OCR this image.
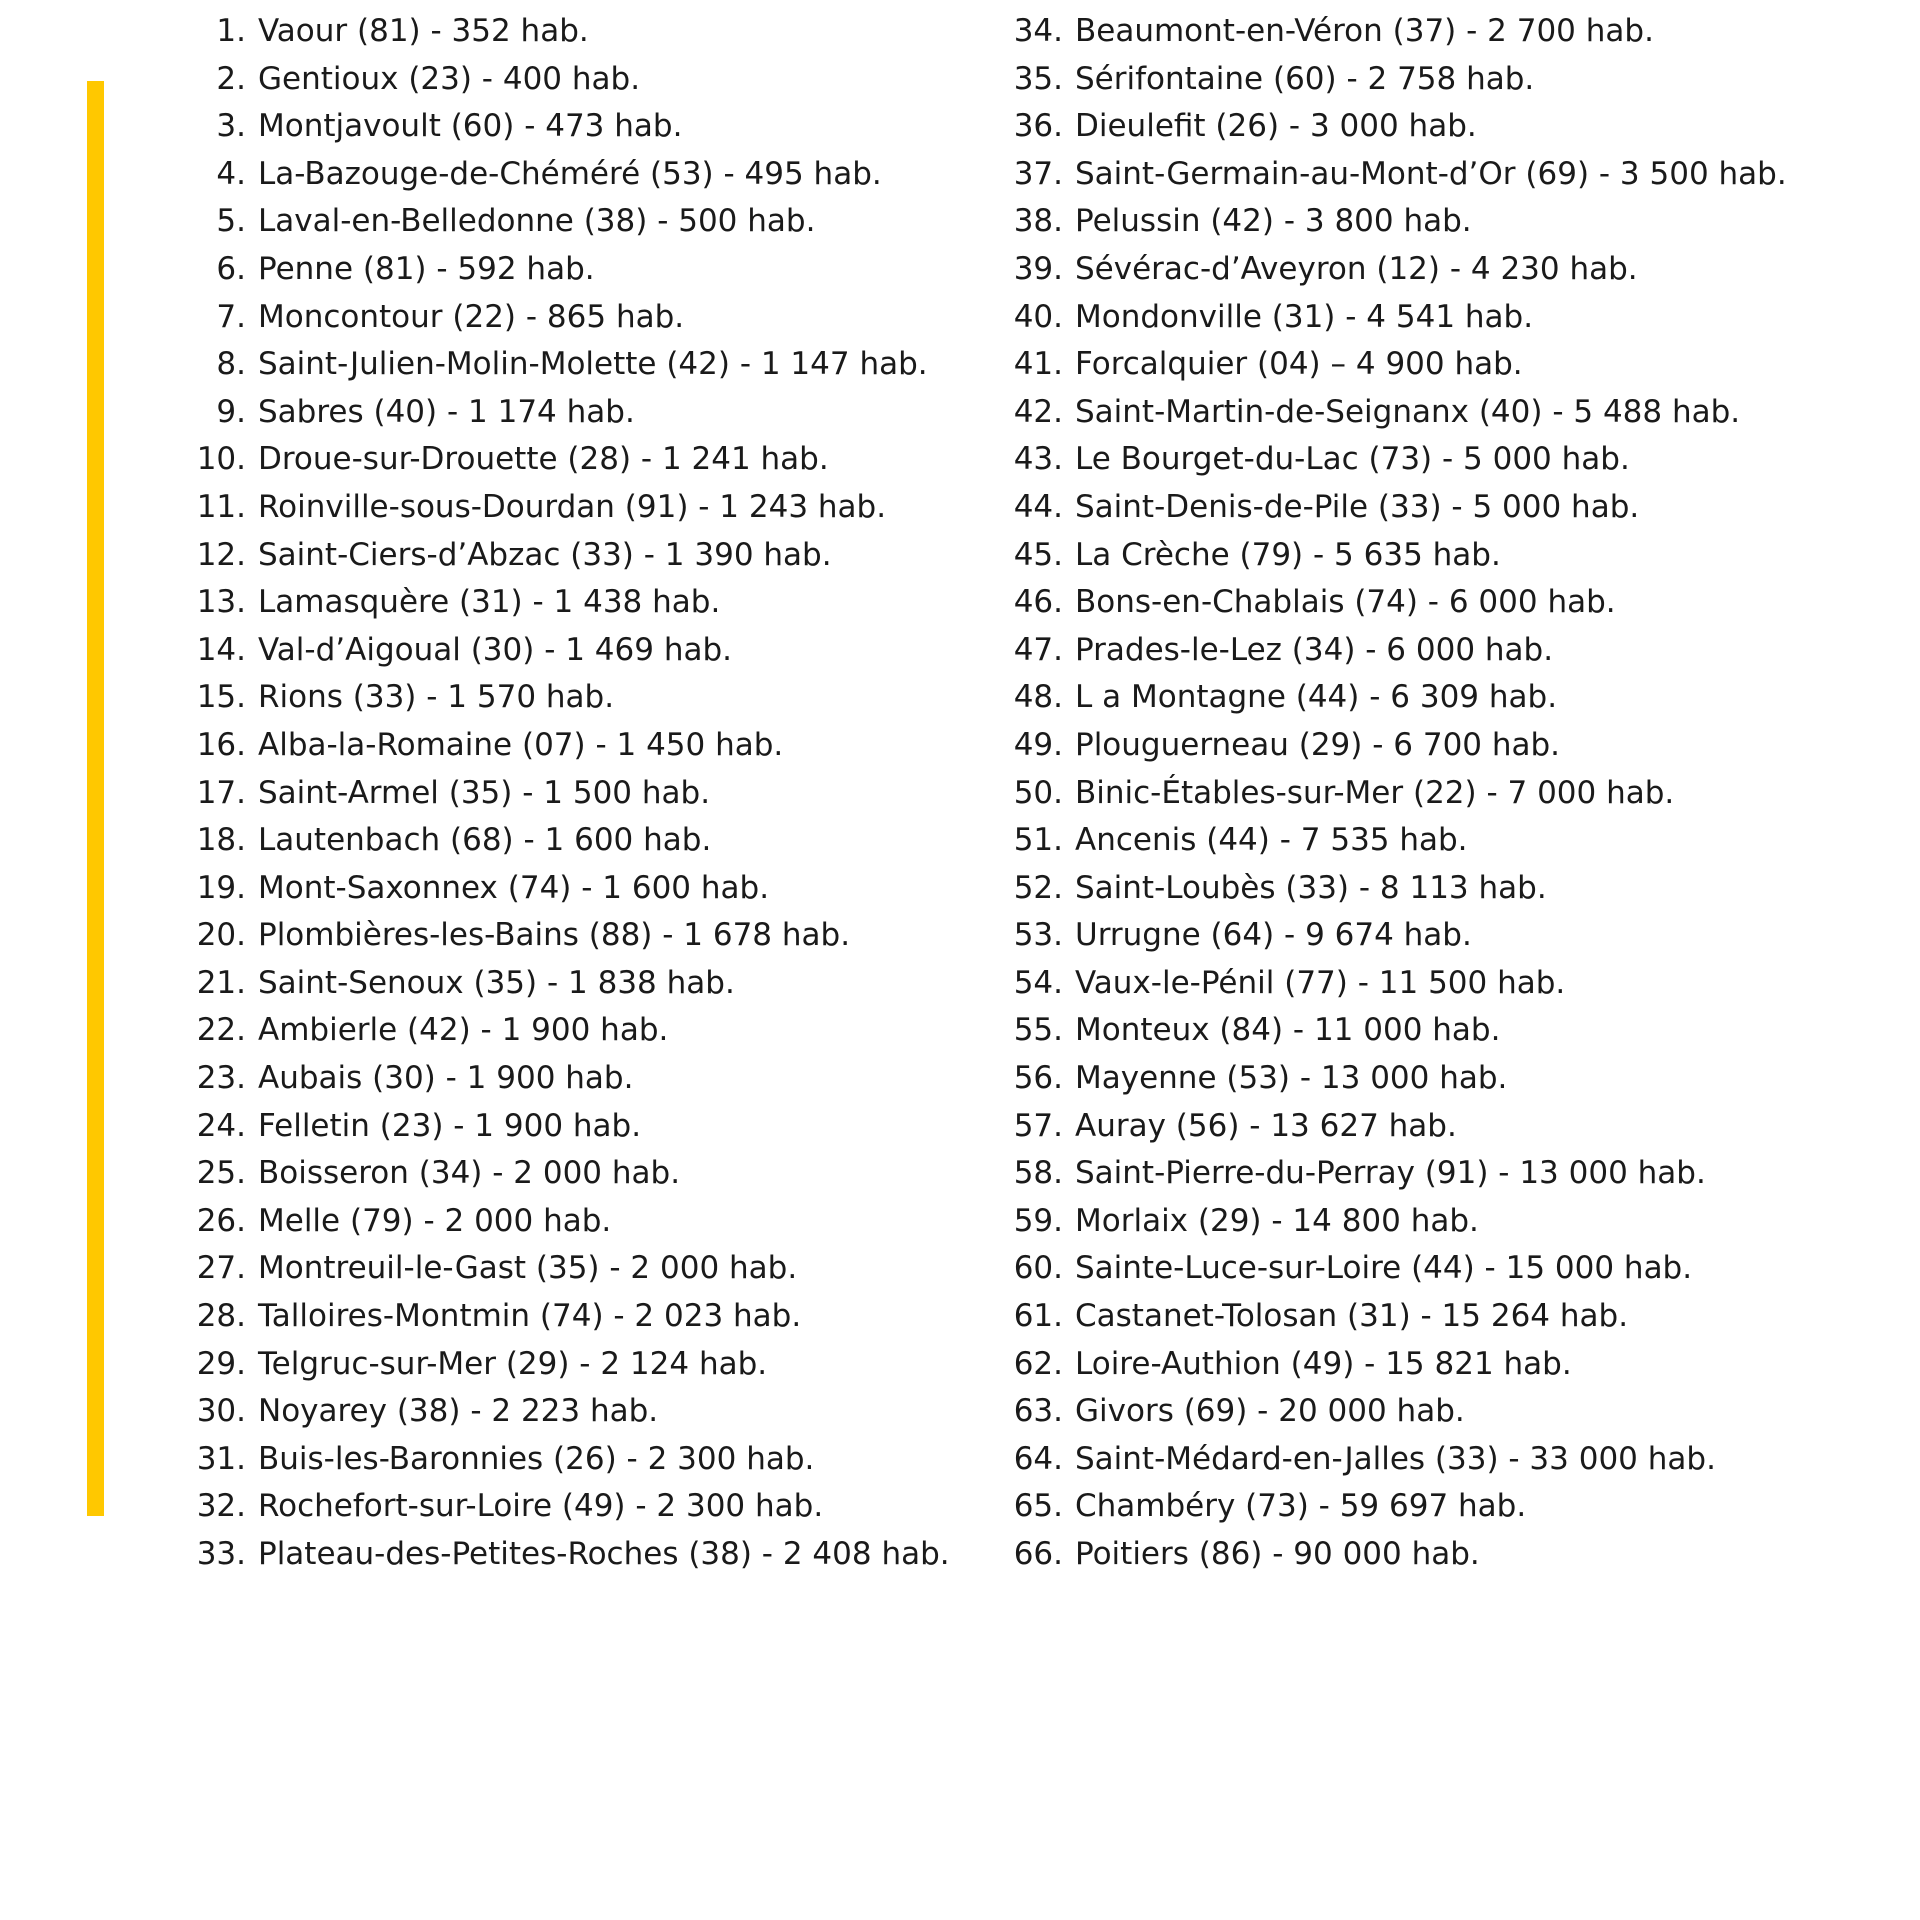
1. Vaour (81) - 352 hab.
2. Gentioux (23) - 400 hab.
3. Montjavoult (60) - 473 hab.
4. La-Bazouge-de-Chéméré (53) - 495 hab.
5. Laval-en-Belledonne (38) - 500 hab.
6. Penne (81) - 592 hab.
7. Moncontour (22) - 865 hab.
8. Saint-Julien-Molin-Molette (42) - 1 147 hab.
9. Sabres (40) - 1 174 hab.
10. Droue-sur-Drouette (28) - 1 241 hab.
11. Roinville-sous-Dourdan (91) - 1 243 hab.
12. Saint-Ciers-d’Abzac (33) - 1 390 hab.
13. Lamasquère (31) - 1 438 hab.
14. Val-d’Aigoual (30) - 1 469 hab.
15. Rions (33) - 1 570 hab.
16. Alba-la-Romaine (07) - 1 450 hab.
17. Saint-Armel (35) - 1 500 hab.
18. Lautenbach (68) - 1 600 hab.
19. Mont-Saxonnex (74) - 1 600 hab.
20. Plombières-les-Bains (88) - 1 678 hab.
21. Saint-Senoux (35) - 1 838 hab.
22. Ambierle (42) - 1 900 hab.
23. Aubais (30) - 1 900 hab.
24. Felletin (23) - 1 900 hab.
25. Boisseron (34) - 2 000 hab.
26. Melle (79) - 2 000 hab.
27. Montreuil-le-Gast (35) - 2 000 hab.
28. Talloires-Montmin (74) - 2 023 hab.
29. Telgruc-sur-Mer (29) - 2 124 hab.
30. Noyarey (38) - 2 223 hab.
31. Buis-les-Baronnies (26) - 2 300 hab.
32. Rochefort-sur-Loire (49) - 2 300 hab.
33. Plateau-des-Petites-Roches (38) - 2 408 hab.
34. Beaumont-en-Véron (37) - 2 700 hab.
35. Sérifontaine (60) - 2 758 hab.
36. Dieulefit (26) - 3 000 hab.
37. Saint-Germain-au-Mont-d’Or (69) - 3 500 hab.
38. Pelussin (42) - 3 800 hab.
39. Sévérac-d’Aveyron (12) - 4 230 hab.
40. Mondonville (31) - 4 541 hab.
41. Forcalquier (04) – 4 900 hab.
42. Saint-Martin-de-Seignanx (40) - 5 488 hab.
43. Le Bourget-du-Lac (73) - 5 000 hab.
44. Saint-Denis-de-Pile (33) - 5 000 hab.
45. La Crèche (79) - 5 635 hab.
46. Bons-en-Chablais (74) - 6 000 hab.
47. Prades-le-Lez (34) - 6 000 hab.
48. L a Montagne (44) - 6 309 hab.
49. Plouguerneau (29) - 6 700 hab.
50. Binic-Étables-sur-Mer (22) - 7 000 hab.
51. Ancenis (44) - 7 535 hab.
52. Saint-Loubès (33) - 8 113 hab.
53. Urrugne (64) - 9 674 hab.
54. Vaux-le-Pénil (77) - 11 500 hab.
55. Monteux (84) - 11 000 hab.
56. Mayenne (53) - 13 000 hab.
57. Auray (56) - 13 627 hab.
58. Saint-Pierre-du-Perray (91) - 13 000 hab.
59. Morlaix (29) - 14 800 hab.
60. Sainte-Luce-sur-Loire (44) - 15 000 hab.
61. Castanet-Tolosan (31) - 15 264 hab.
62. Loire-Authion (49) - 15 821 hab.
63. Givors (69) - 20 000 hab.
64. Saint-Médard-en-Jalles (33) - 33 000 hab.
65. Chambéry (73) - 59 697 hab.
66. Poitiers (86) - 90 000 hab.
